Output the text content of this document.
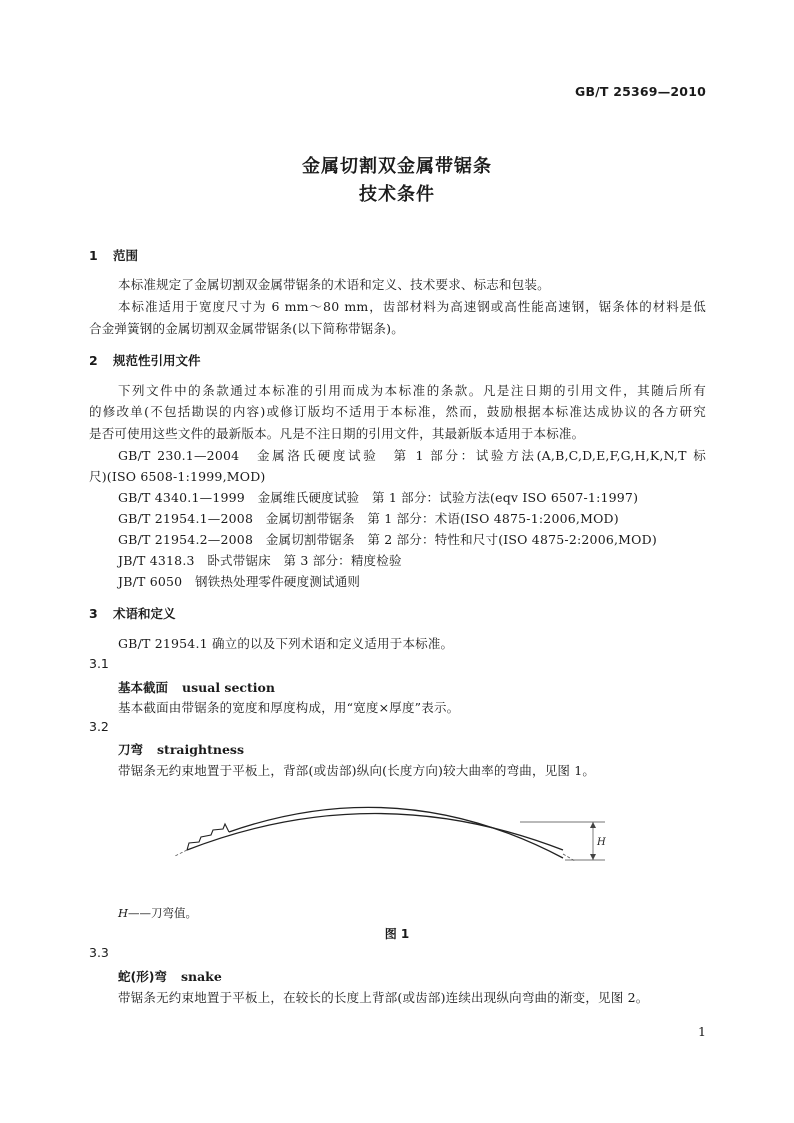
GB/T 25369—2010
金属切割双金属带锯条
技术条件
1 范围
本标准规定了金属切割双金属带锯条的术语和定义、技术要求、标志和包装。
本标准适用于宽度尺寸为 6 mm～80 mm，齿部材料为高速钢或高性能高速钢，锯条体的材料是低
合金弹簧钢的金属切割双金属带锯条(以下简称带锯条)。
2 规范性引用文件
下列文件中的条款通过本标准的引用而成为本标准的条款。凡是注日期的引用文件，其随后所有
的修改单(不包括勘误的内容)或修订版均不适用于本标准，然而，鼓励根据本标准达成协议的各方研究
是否可使用这些文件的最新版本。凡是不注日期的引用文件，其最新版本适用于本标准。
GB/T 230.1—2004　金属洛氏硬度试验　第 1 部分：试验方法(A,B,C,D,E,F,G,H,K,N,T 标
尺)(ISO 6508-1:1999,MOD)
GB/T 4340.1—1999　金属维氏硬度试验　第 1 部分：试验方法(eqv ISO 6507-1:1997)
GB/T 21954.1—2008　金属切割带锯条　第 1 部分：术语(ISO 4875-1:2006,MOD)
GB/T 21954.2—2008　金属切割带锯条　第 2 部分：特性和尺寸(ISO 4875-2:2006,MOD)
JB/T 4318.3　卧式带锯床　第 3 部分：精度检验
JB/T 6050　钢铁热处理零件硬度测试通则
3 术语和定义
GB/T 21954.1 确立的以及下列术语和定义适用于本标准。
3.1
基本截面 usual section
基本截面由带锯条的宽度和厚度构成，用“宽度×厚度”表示。
3.2
刀弯 straightness
带锯条无约束地置于平板上，背部(或齿部)纵向(长度方向)较大曲率的弯曲，见图 1。
H
H——刀弯值。
图 1
3.3
蛇(形)弯 snake
带锯条无约束地置于平板上，在较长的长度上背部(或齿部)连续出现纵向弯曲的渐变，见图 2。
1
